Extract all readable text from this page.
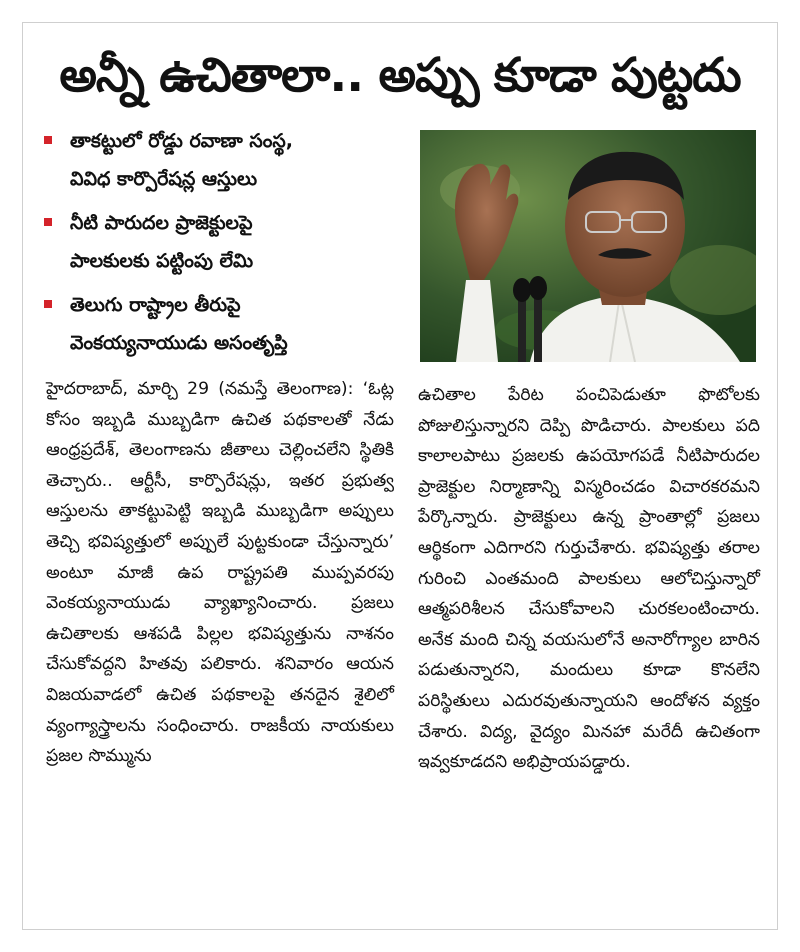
అన్నీ ఉచితాలా.. అప్పు కూడా పుట్టదు
తాకట్టులో రోడ్డు రవాణా సంస్థ,
వివిధ కార్పొరేషన్ల ఆస్తులు
నీటి పారుదల ప్రాజెక్టులపై
పాలకులకు పట్టింపు లేమి
తెలుగు రాష్ట్రాల తీరుపై
వెంకయ్యనాయుడు అసంతృప్తి

హైదరాబాద్, మార్చి 29 (నమస్తే తెలంగాణ): ‘ఓట్ల కోసం ఇబ్బడి ముబ్బడిగా ఉచిత పథకాలతో నేడు ఆంధ్రప్రదేశ్, తెలంగాణను జీతాలు చెల్లించలేని స్థితికి తెచ్చారు.. ఆర్టీసీ, కార్పొరేషన్లు, ఇతర ప్రభుత్వ ఆస్తులను తాకట్టుపెట్టి ఇబ్బడి ముబ్బడిగా అప్పులు తెచ్చి భవిష్యత్తులో అప్పులే పుట్టకుండా చేస్తున్నారు’ అంటూ మాజీ ఉప రాష్ట్రపతి ముప్పవరపు వెంకయ్యనాయుడు వ్యాఖ్యానించారు. ప్రజలు ఉచితాలకు ఆశపడి పిల్లల భవిష్యత్తును నాశనం చేసుకోవద్దని హితవు పలికారు. శనివారం ఆయన విజయవాడలో ఉచిత పథకాలపై తనదైన శైలిలో వ్యంగ్యాస్త్రాలను సంధించారు. రాజకీయ నాయకులు ప్రజల సొమ్మును

ఉచితాల పేరిట పంచిపెడుతూ ఫొటోలకు పోజులిస్తున్నారని దెప్పి పొడిచారు. పాలకులు పది కాలాలపాటు ప్రజలకు ఉపయోగపడే నీటిపారుదల ప్రాజెక్టుల నిర్మాణాన్ని విస్మరించడం విచారకరమని పేర్కొన్నారు. ప్రాజెక్టులు ఉన్న ప్రాంతాల్లో ప్రజలు ఆర్థికంగా ఎదిగారని గుర్తుచేశారు. భవిష్యత్తు తరాల గురించి ఎంతమంది పాలకులు ఆలోచిస్తున్నారో ఆత్మపరిశీలన చేసుకోవాలని చురకలంటించారు. అనేక మంది చిన్న వయసులోనే అనారోగ్యాల బారిన పడుతున్నారని, మందులు కూడా కొనలేని పరిస్థితులు ఎదురవుతున్నాయని ఆందోళన వ్యక్తం చేశారు. విద్య, వైద్యం మినహా మరేదీ ఉచితంగా ఇవ్వకూడదని అభిప్రాయపడ్డారు.
